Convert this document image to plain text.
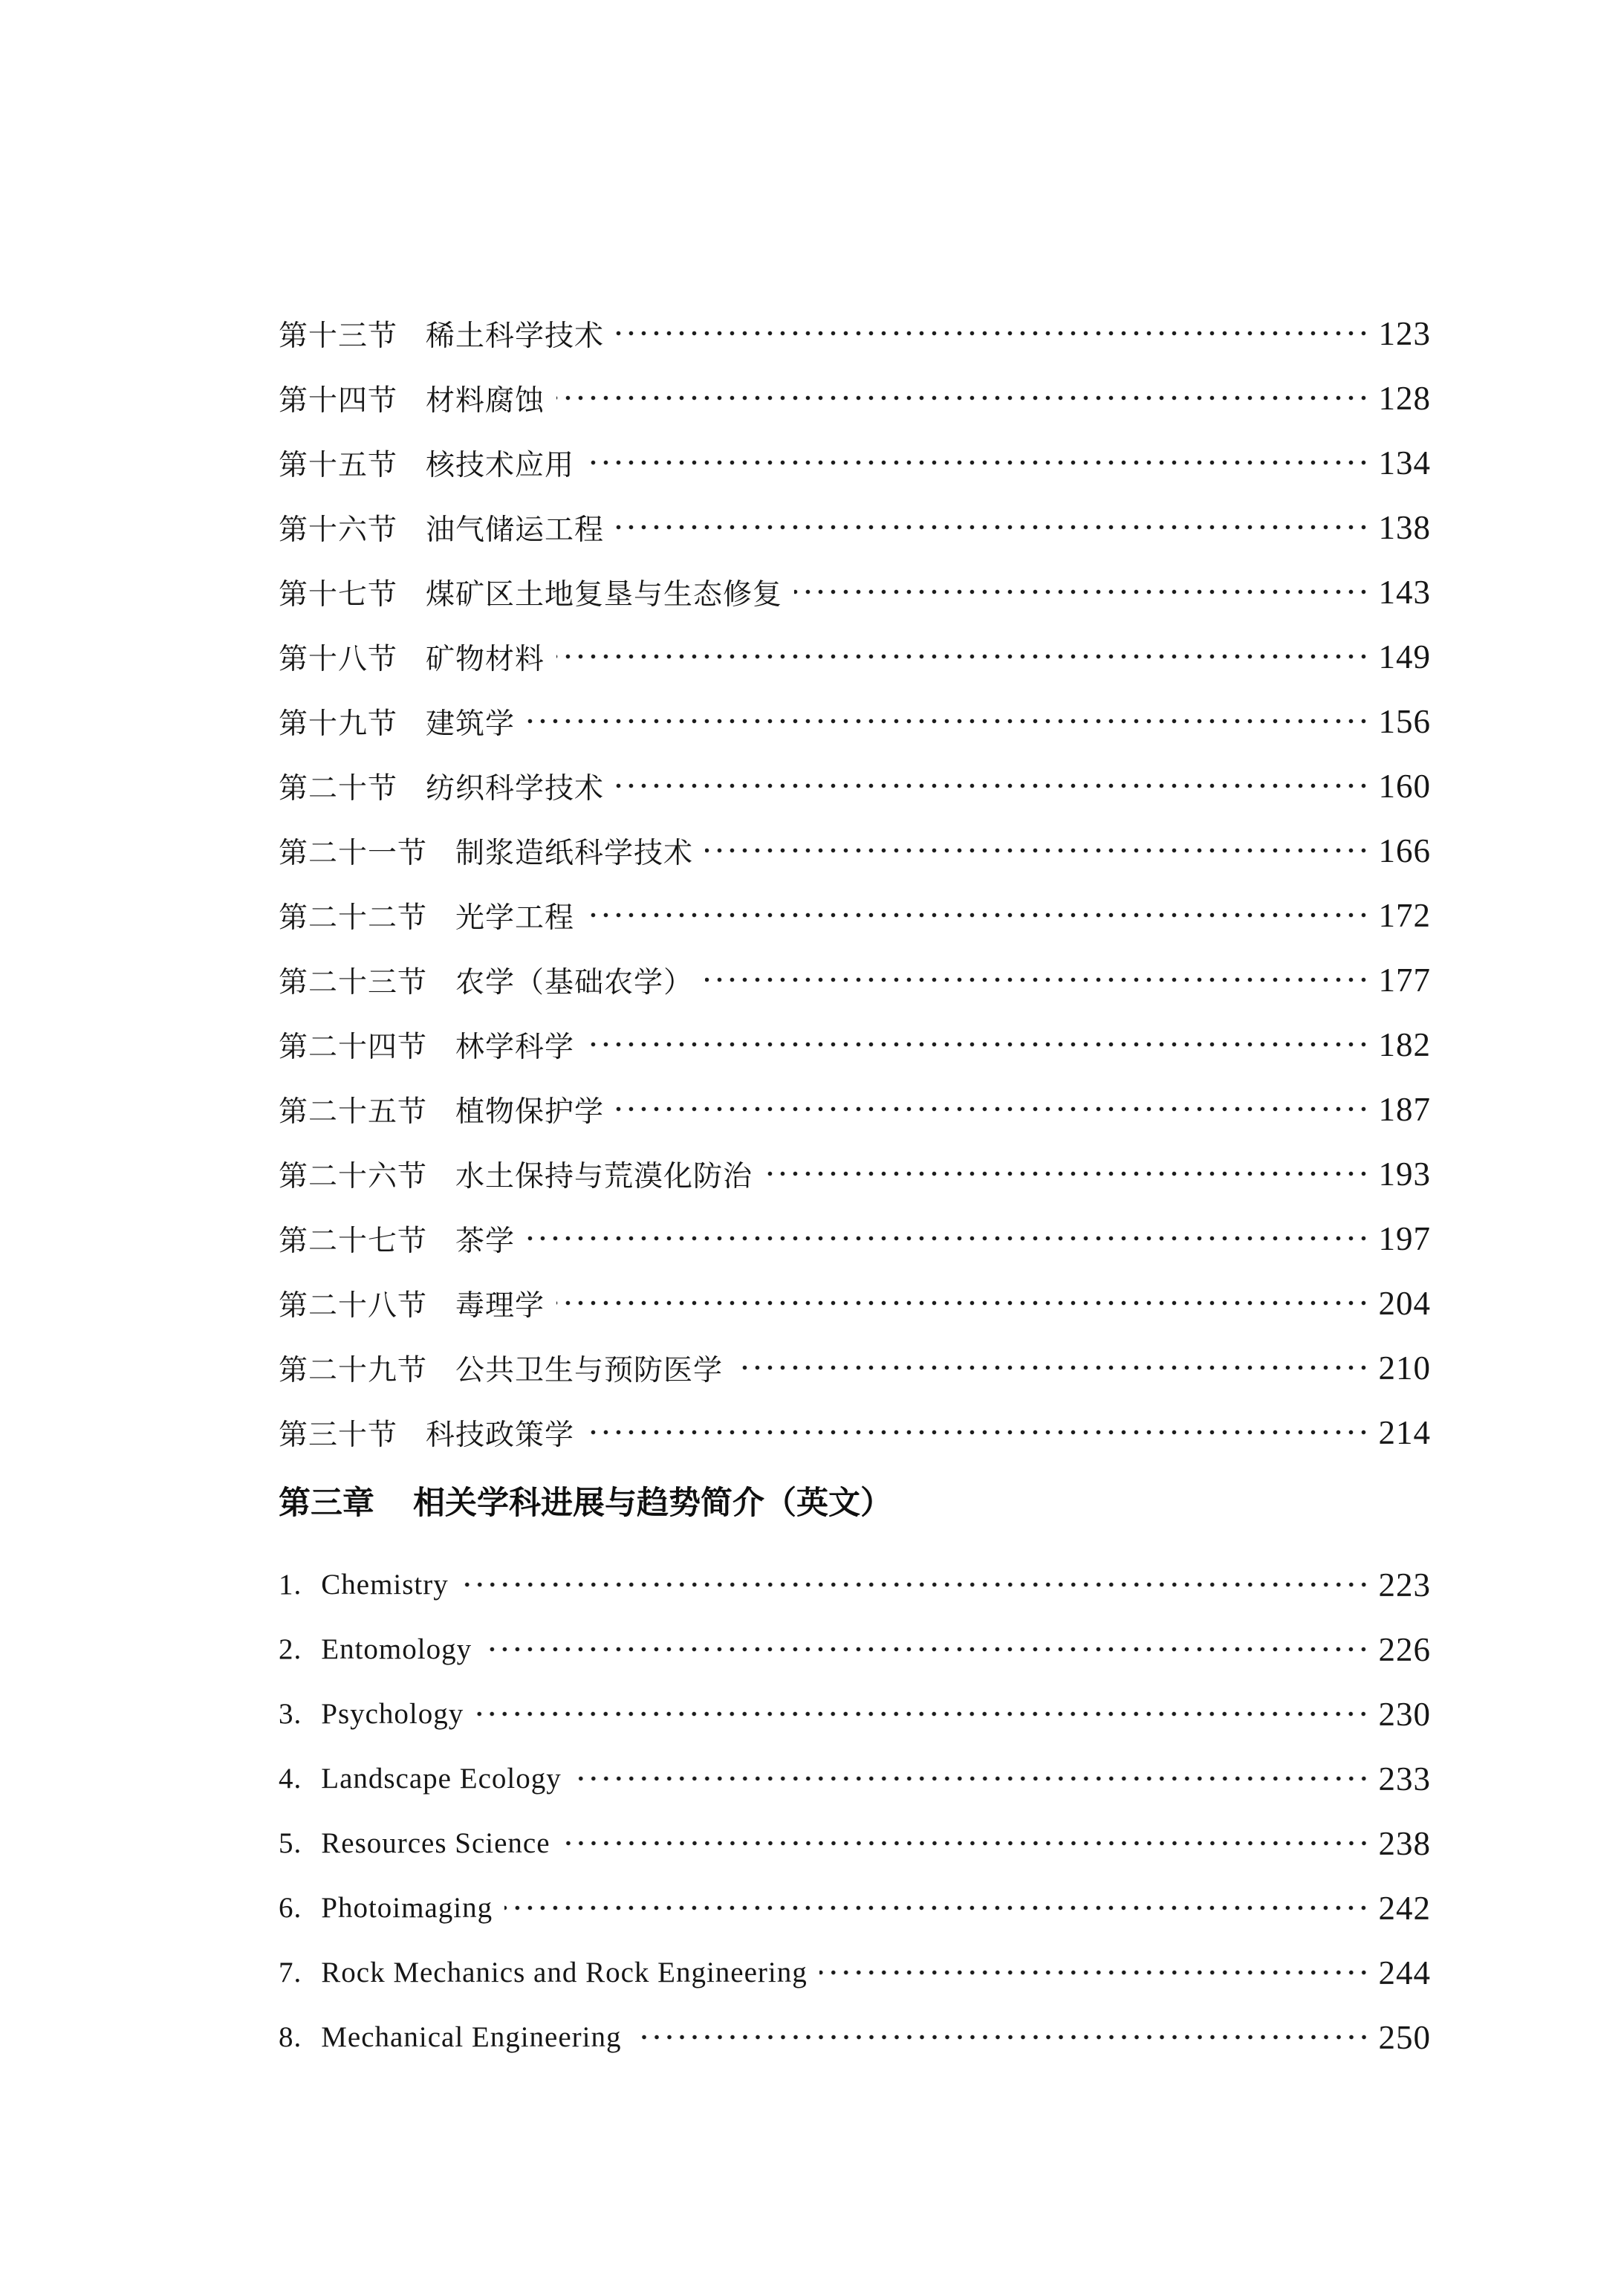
第十三节 稀土科学技术	123
第十四节 材料腐蚀	128
第十五节 核技术应用	134
第十六节 油气储运工程	138
第十七节 煤矿区土地复垦与生态修复	143
第十八节 矿物材料	149
第十九节 建筑学	156
第二十节 纺织科学技术	160
第二十一节 制浆造纸科学技术	166
第二十二节 光学工程	172
第二十三节 农学（基础农学）	177
第二十四节 林学科学	182
第二十五节 植物保护学	187
第二十六节 水土保持与荒漠化防治	193
第二十七节 茶学	197
第二十八节 毒理学	204
第二十九节 公共卫生与预防医学	210
第三十节 科技政策学	214
第三章 相关学科进展与趋势简介（英文）
1. Chemistry	223
2. Entomology	226
3. Psychology	230
4. Landscape Ecology	233
5. Resources Science	238
6. Photoimaging	242
7. Rock Mechanics and Rock Engineering	244
8. Mechanical Engineering	250
